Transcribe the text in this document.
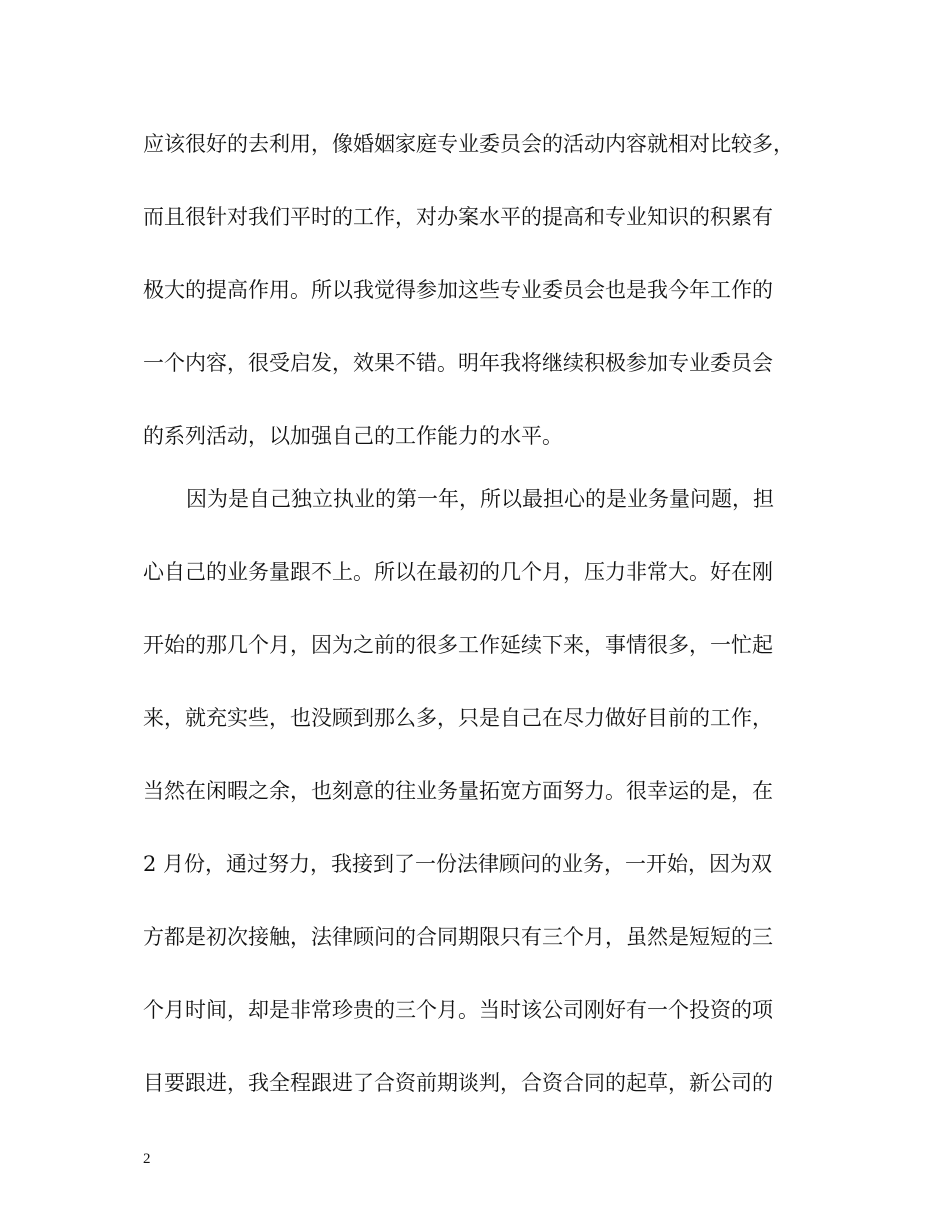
应该很好的去利用，像婚姻家庭专业委员会的活动内容就相对比较多，
而且很针对我们平时的工作，对办案水平的提高和专业知识的积累有
极大的提高作用。所以我觉得参加这些专业委员会也是我今年工作的
一个内容，很受启发，效果不错。明年我将继续积极参加专业委员会
的系列活动，以加强自己的工作能力的水平。
因为是自己独立执业的第一年，所以最担心的是业务量问题，担
心自己的业务量跟不上。所以在最初的几个月，压力非常大。好在刚
开始的那几个月，因为之前的很多工作延续下来，事情很多，一忙起
来，就充实些，也没顾到那么多，只是自己在尽力做好目前的工作，
当然在闲暇之余，也刻意的往业务量拓宽方面努力。很幸运的是，在
2 月份，通过努力，我接到了一份法律顾问的业务，一开始，因为双
方都是初次接触，法律顾问的合同期限只有三个月，虽然是短短的三
个月时间，却是非常珍贵的三个月。当时该公司刚好有一个投资的项
目要跟进，我全程跟进了合资前期谈判，合资合同的起草，新公司的
2
